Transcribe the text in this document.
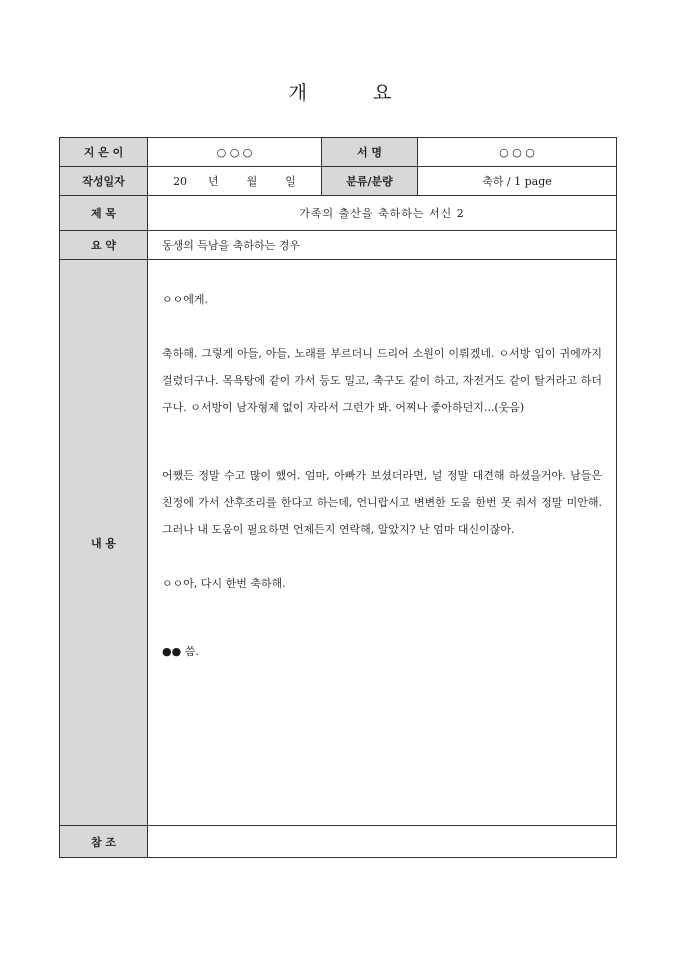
개 요
지 은 이	○ ○ ○	서 명	○ ○ ○
작성일자	20 년 월 일	분류/분량	축하 / 1 page
제 목	가족의 출산을 축하하는 서신 2		
요 약	동생의 득남을 축하하는 경우		
내 용	ㅇㅇ에게.

축하해. 그렇게 아들, 아들, 노래를 부르더니 드리어 소원이 이뤄겠네. ㅇ서방 입이 귀에까지 걸렸더구나. 목욕탕에 같이 가서 등도 밀고, 축구도 같이 하고, 자전거도 같이 탈거라고 하더구나. ㅇ서방이 남자형제 없이 자라서 그런가 봐. 어찌나 좋아하던지...(웃음)

어쨌든 정말 수고 많이 했어. 엄마, 아빠가 보셨더라면, 널 정말 대견해 하셨을거야. 남들은 친정에 가서 산후조리를 한다고 하는데, 언니랍시고 변변한 도움 한번 못 줘서 정말 미안해. 그러나 내 도움이 필요하면 언제든지 연락해, 알았지? 난 엄마 대신이잖아.

ㅇㅇ아, 다시 한번 축하해.

●● 씀.		

참 조			
